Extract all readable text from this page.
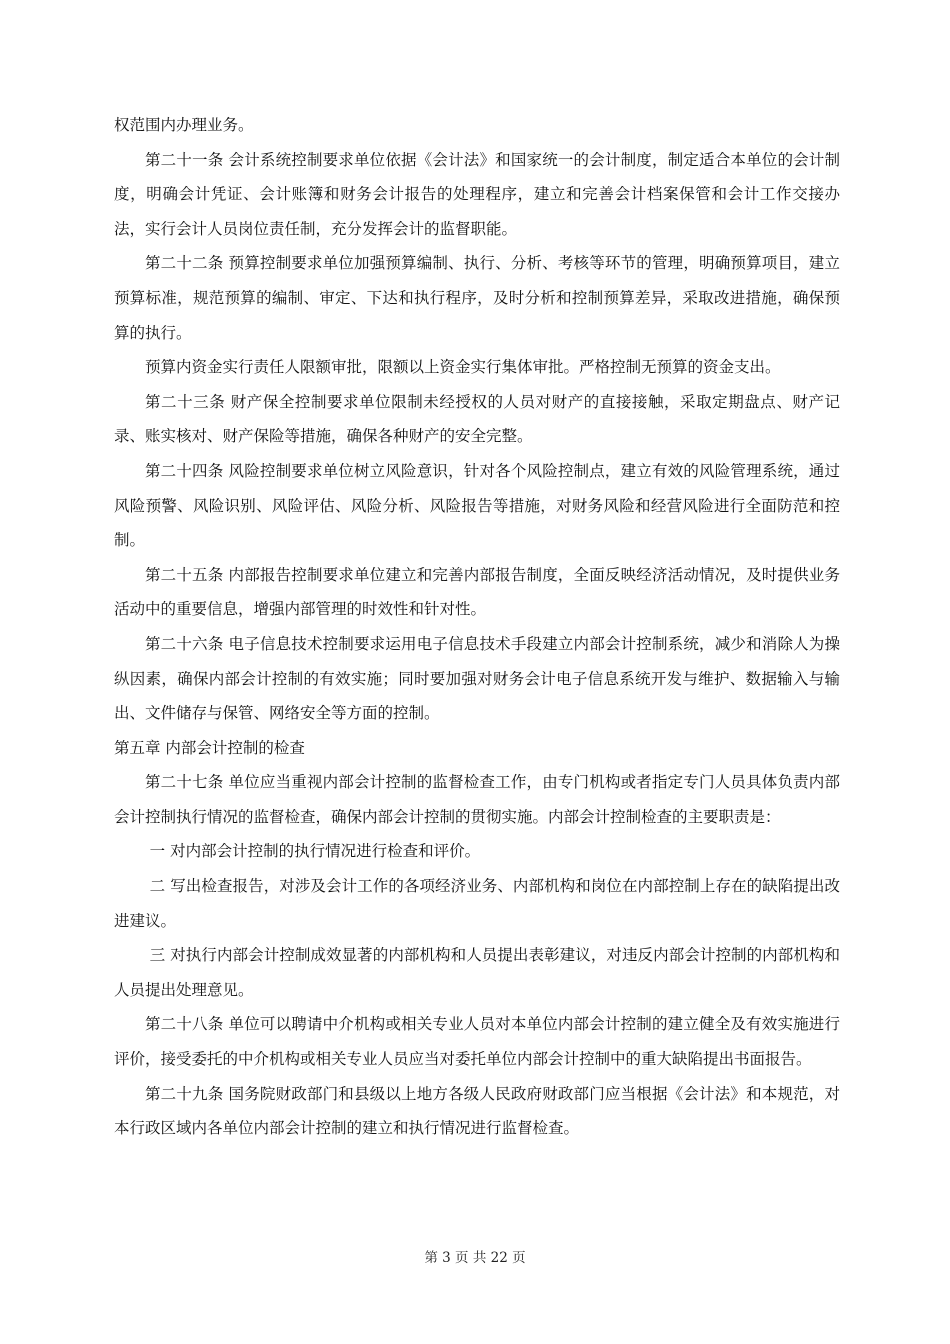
权范围内办理业务。

第二十一条 会计系统控制要求单位依据《会计法》和国家统一的会计制度，制定适合本单位的会计制度，明确会计凭证、会计账簿和财务会计报告的处理程序，建立和完善会计档案保管和会计工作交接办法，实行会计人员岗位责任制，充分发挥会计的监督职能。

第二十二条 预算控制要求单位加强预算编制、执行、分析、考核等环节的管理，明确预算项目，建立预算标准，规范预算的编制、审定、下达和执行程序，及时分析和控制预算差异，采取改进措施，确保预算的执行。

预算内资金实行责任人限额审批，限额以上资金实行集体审批。严格控制无预算的资金支出。

第二十三条 财产保全控制要求单位限制未经授权的人员对财产的直接接触，采取定期盘点、财产记录、账实核对、财产保险等措施，确保各种财产的安全完整。

第二十四条 风险控制要求单位树立风险意识，针对各个风险控制点，建立有效的风险管理系统，通过风险预警、风险识别、风险评估、风险分析、风险报告等措施，对财务风险和经营风险进行全面防范和控制。

第二十五条 内部报告控制要求单位建立和完善内部报告制度，全面反映经济活动情况，及时提供业务活动中的重要信息，增强内部管理的时效性和针对性。

第二十六条 电子信息技术控制要求运用电子信息技术手段建立内部会计控制系统，减少和消除人为操纵因素，确保内部会计控制的有效实施；同时要加强对财务会计电子信息系统开发与维护、数据输入与输出、文件储存与保管、网络安全等方面的控制。

第五章 内部会计控制的检查

第二十七条 单位应当重视内部会计控制的监督检查工作，由专门机构或者指定专门人员具体负责内部会计控制执行情况的监督检查，确保内部会计控制的贯彻实施。内部会计控制检查的主要职责是：

一 对内部会计控制的执行情况进行检查和评价。

二 写出检查报告，对涉及会计工作的各项经济业务、内部机构和岗位在内部控制上存在的缺陷提出改进建议。

三 对执行内部会计控制成效显著的内部机构和人员提出表彰建议，对违反内部会计控制的内部机构和人员提出处理意见。

第二十八条 单位可以聘请中介机构或相关专业人员对本单位内部会计控制的建立健全及有效实施进行评价，接受委托的中介机构或相关专业人员应当对委托单位内部会计控制中的重大缺陷提出书面报告。

第二十九条 国务院财政部门和县级以上地方各级人民政府财政部门应当根据《会计法》和本规范，对本行政区域内各单位内部会计控制的建立和执行情况进行监督检查。

第 3 页 共 22 页
